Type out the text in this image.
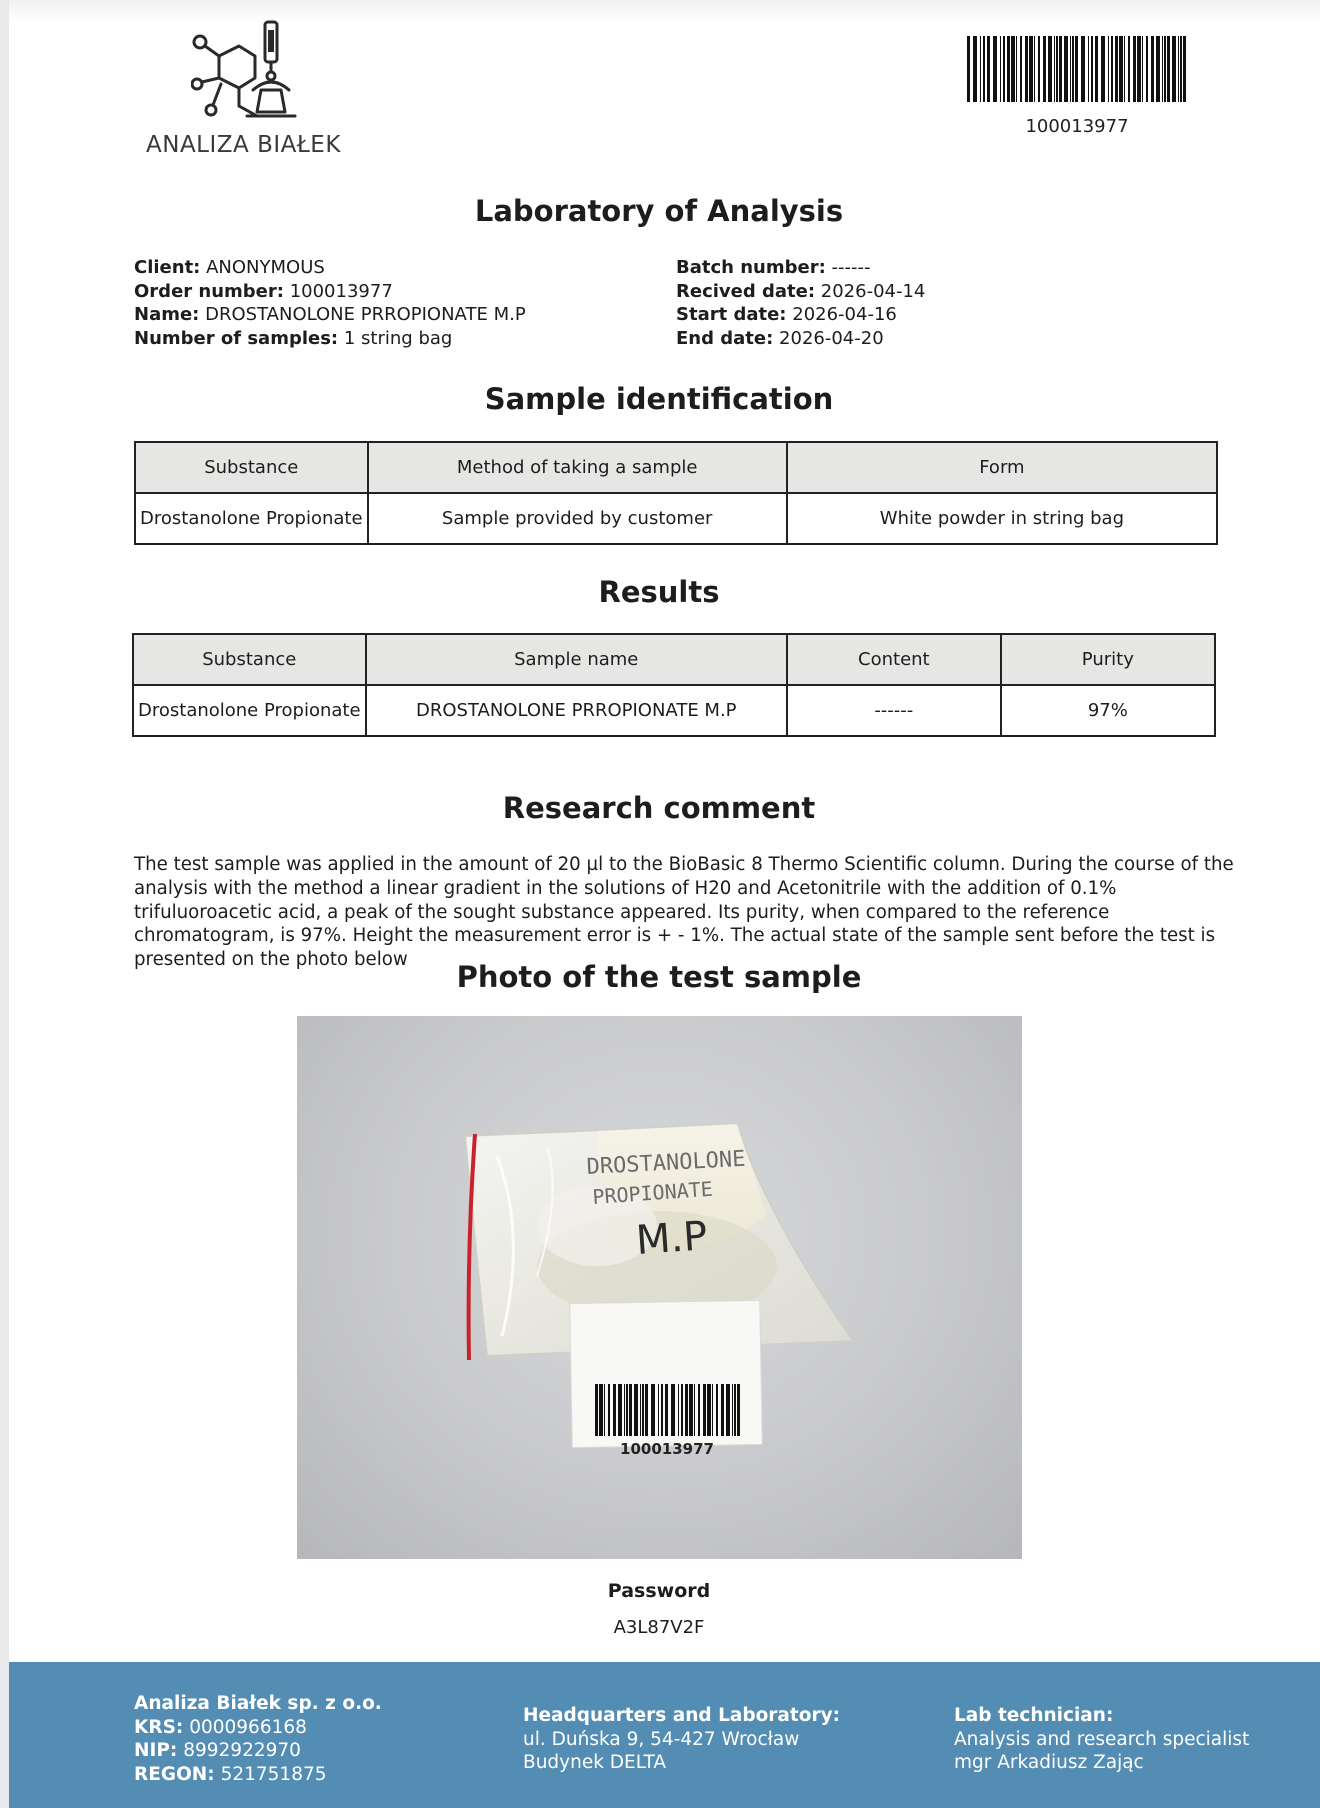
ANALIZA BIAŁEK
100013977
Laboratory of Analysis
Client: ANONYMOUS
Order number: 100013977
Name: DROSTANOLONE PRROPIONATE M.P
Number of samples: 1 string bag
Batch number: ------
Recived date: 2026-04-14
Start date: 2026-04-16
End date: 2026-04-20
Sample identification
Substance	Method of taking a sample	Form
Drostanolone Propionate	Sample provided by customer	White powder in string bag
Results
Substance	Sample name	Content	Purity
Drostanolone Propionate	DROSTANOLONE PRROPIONATE M.P	------	97%
Research comment
The test sample was applied in the amount of 20 µl to the BioBasic 8 Thermo Scientific column. During the course of the analysis with the method a linear gradient in the solutions of H20 and Acetonitrile with the addition of 0.1% trifuluoroacetic acid, a peak of the sought substance appeared. Its purity, when compared to the reference chromatogram, is 97%. Height the measurement error is + - 1%. The actual state of the sample sent before the test is presented on the photo below
Photo of the test sample
DROSTANOLONE
PROPIONATE
M.P
100013977
Password
A3L87V2F
Analiza Białek sp. z o.o.
KRS: 0000966168
NIP: 8992922970
REGON: 521751875
Headquarters and Laboratory:
ul. Duńska 9, 54-427 Wrocław
Budynek DELTA
Lab technician:
Analysis and research specialist
mgr Arkadiusz Zając
